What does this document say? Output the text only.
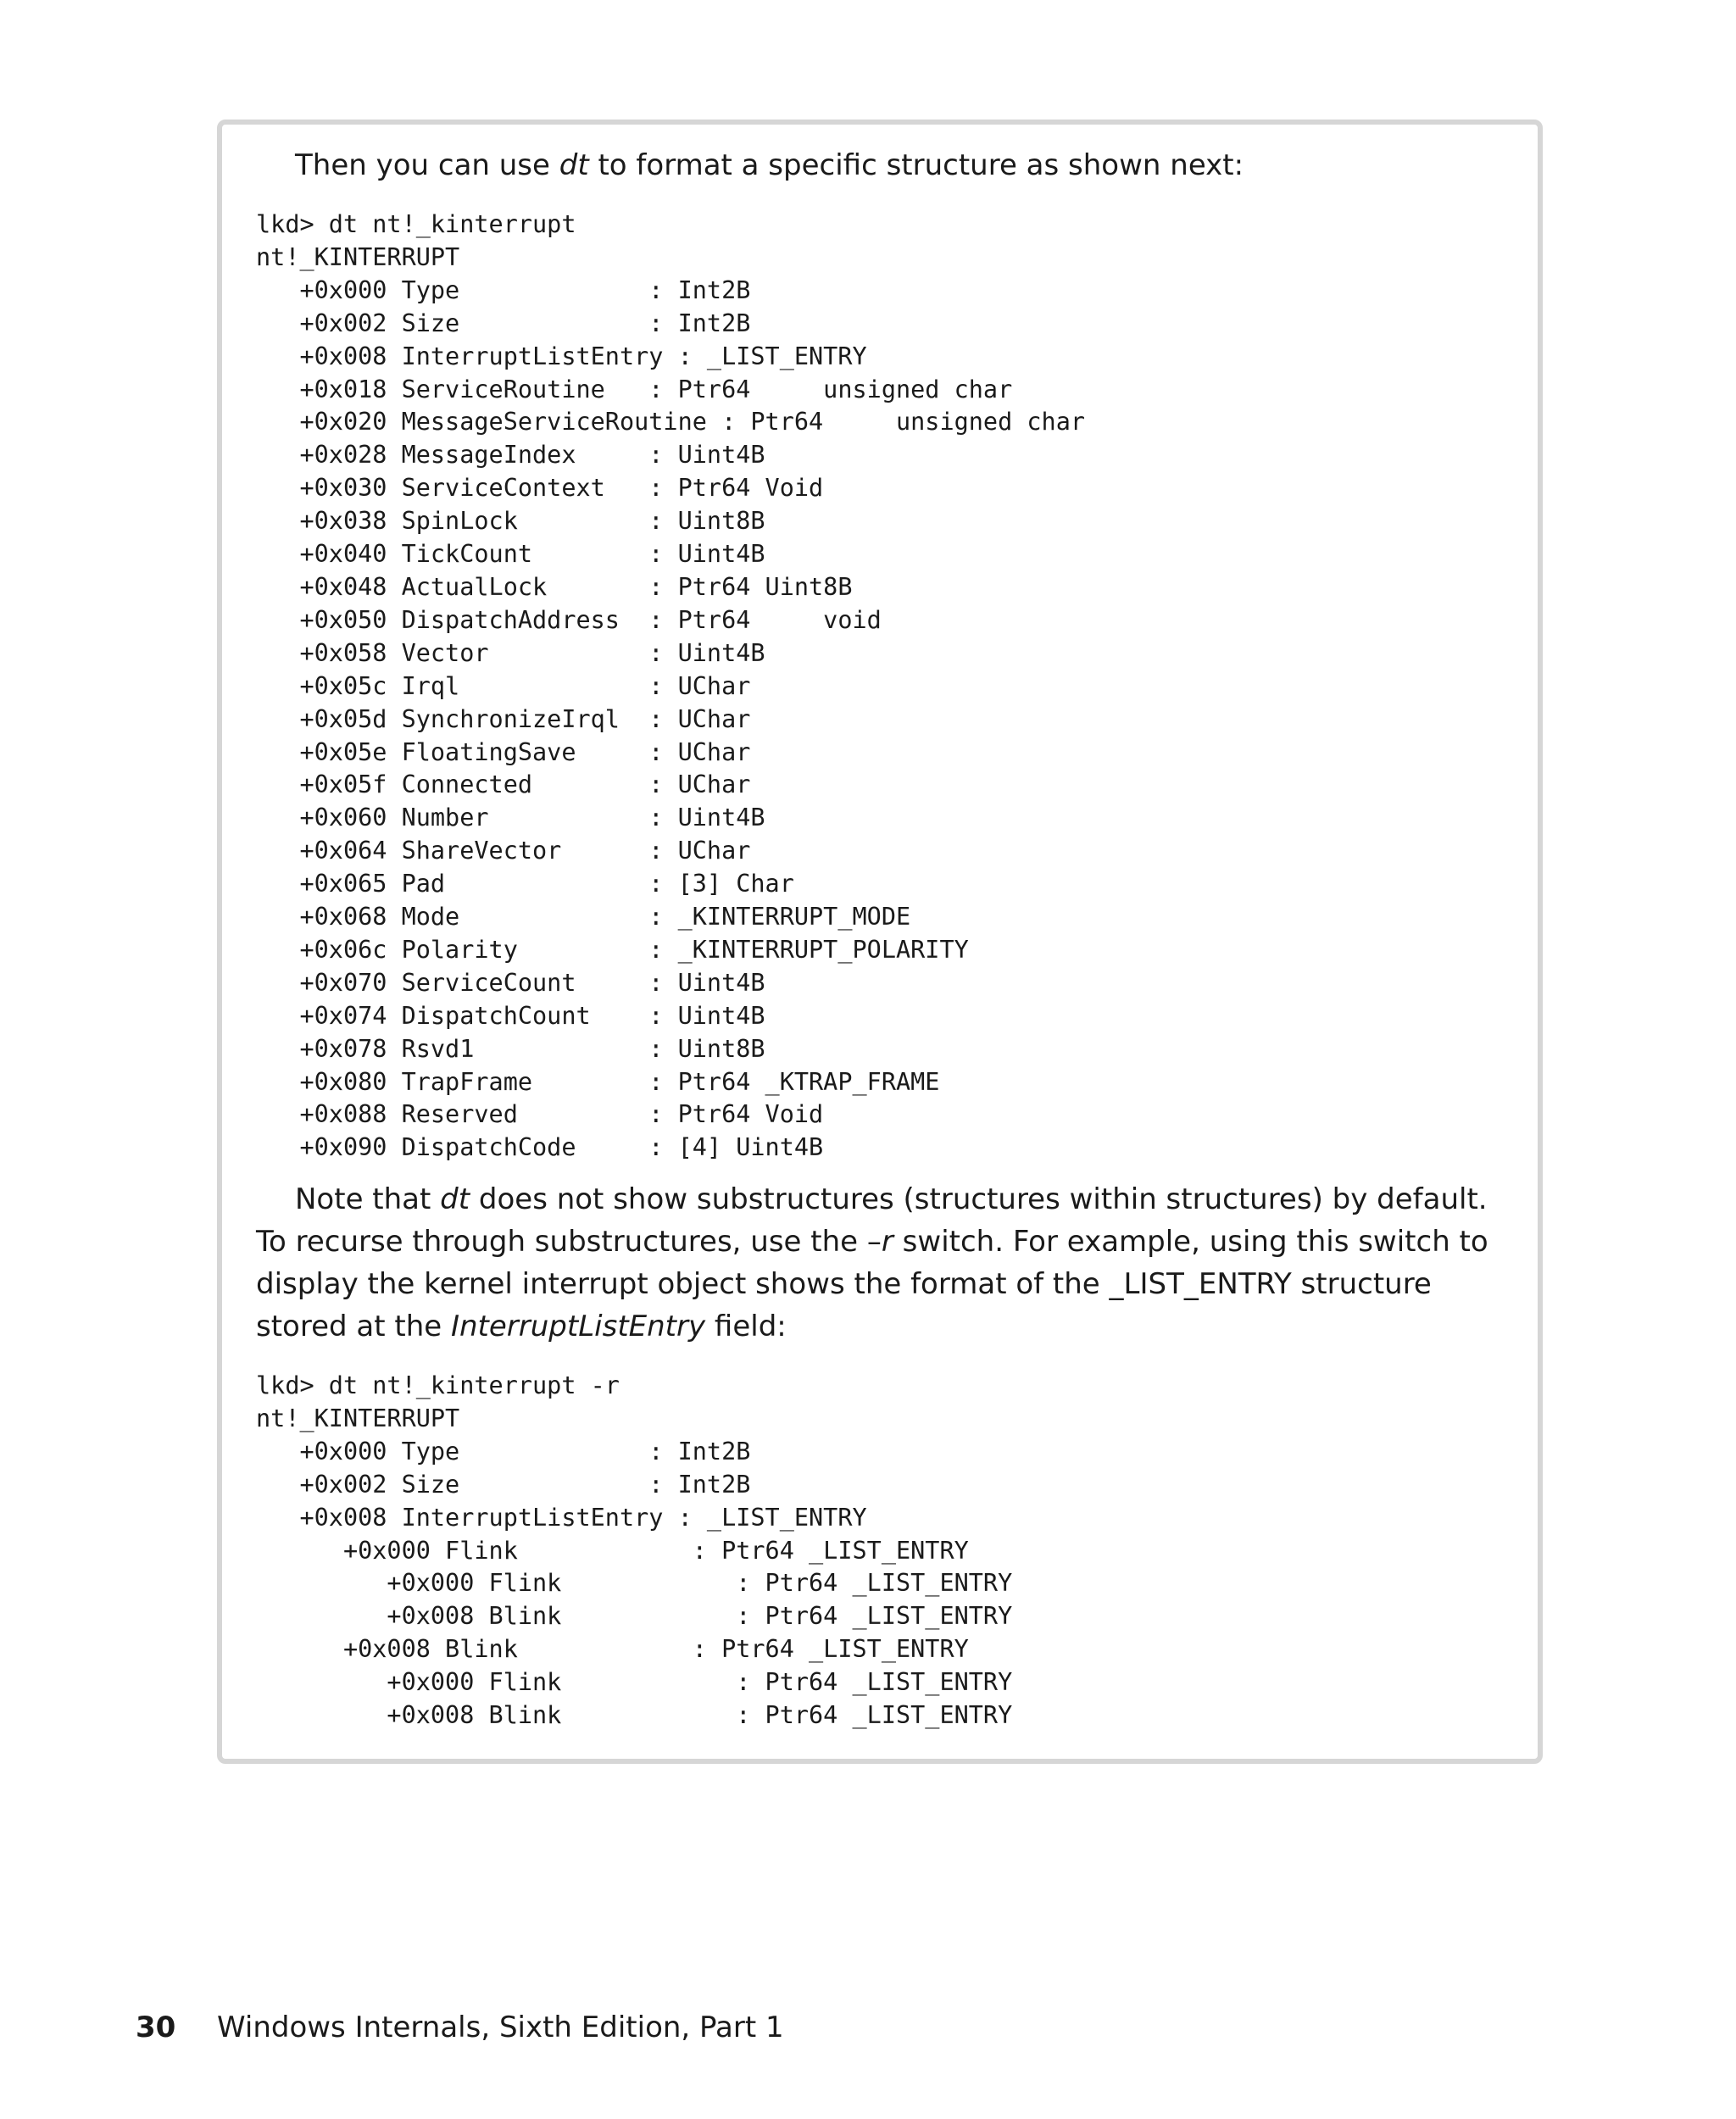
Then you can use dt to format a specific structure as shown next:

lkd> dt nt!_kinterrupt
nt!_KINTERRUPT
+0x000 Type             : Int2B
+0x002 Size             : Int2B
+0x008 InterruptListEntry : _LIST_ENTRY
+0x018 ServiceRoutine   : Ptr64     unsigned char
+0x020 MessageServiceRoutine : Ptr64     unsigned char
+0x028 MessageIndex     : Uint4B
+0x030 ServiceContext   : Ptr64 Void
+0x038 SpinLock         : Uint8B
+0x040 TickCount        : Uint4B
+0x048 ActualLock       : Ptr64 Uint8B
+0x050 DispatchAddress  : Ptr64     void
+0x058 Vector           : Uint4B
+0x05c Irql             : UChar
+0x05d SynchronizeIrql  : UChar
+0x05e FloatingSave     : UChar
+0x05f Connected        : UChar
+0x060 Number           : Uint4B
+0x064 ShareVector      : UChar
+0x065 Pad              : [3] Char
+0x068 Mode             : _KINTERRUPT_MODE
+0x06c Polarity         : _KINTERRUPT_POLARITY
+0x070 ServiceCount     : Uint4B
+0x074 DispatchCount    : Uint4B
+0x078 Rsvd1            : Uint8B
+0x080 TrapFrame        : Ptr64 _KTRAP_FRAME
+0x088 Reserved         : Ptr64 Void
+0x090 DispatchCode     : [4] Uint4B

Note that dt does not show substructures (structures within structures) by default. To recurse through substructures, use the –r switch. For example, using this switch to display the kernel interrupt object shows the format of the _LIST_ENTRY structure stored at the InterruptListEntry field:

lkd> dt nt!_kinterrupt -r
nt!_KINTERRUPT
+0x000 Type             : Int2B
+0x002 Size             : Int2B
+0x008 InterruptListEntry : _LIST_ENTRY
+0x000 Flink            : Ptr64 _LIST_ENTRY
+0x000 Flink            : Ptr64 _LIST_ENTRY
+0x008 Blink            : Ptr64 _LIST_ENTRY
+0x008 Blink            : Ptr64 _LIST_ENTRY
+0x000 Flink            : Ptr64 _LIST_ENTRY
+0x008 Blink            : Ptr64 _LIST_ENTRY
30 Windows Internals, Sixth Edition, Part 1
